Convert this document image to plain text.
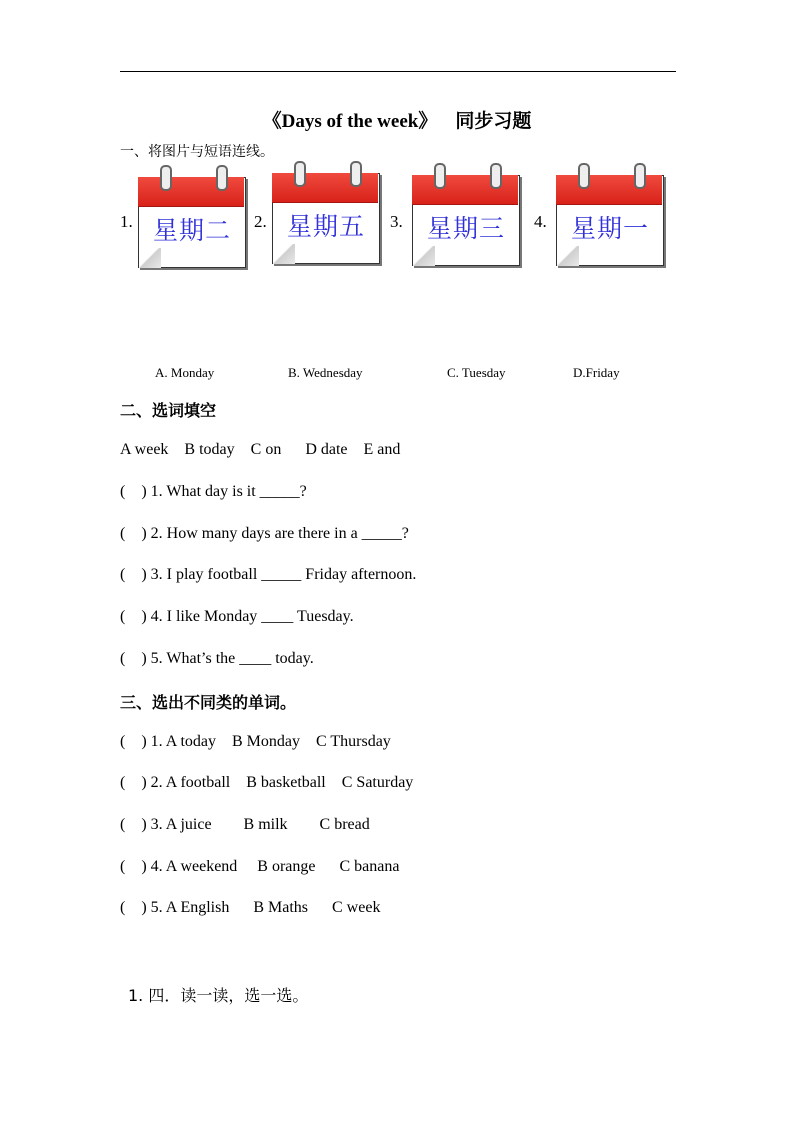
《Days of the week》 同步习题
一、将图片与短语连线。
1. 星期二	2. 星期五	3. 星期三	4. 星期一
A. Monday	B. Wednesday	C. Tuesday	D.Friday
二、选词填空
A week    B today    C on      D date    E and
(    ) 1. What day is it _____?
(    ) 2. How many days are there in a _____?
(    ) 3. I play football _____ Friday afternoon.
(    ) 4. I like Monday ____ Tuesday.
(    ) 5. What’s the ____ today.
三、选出不同类的单词。
(    ) 1. A today    B Monday    C Thursday
(    ) 2. A football    B basketball    C Saturday
(    ) 3. A juice        B milk        C bread
(    ) 4. A weekend     B orange      C banana
(    ) 5. A English      B Maths      C week
1. 四．读一读，选一选。
